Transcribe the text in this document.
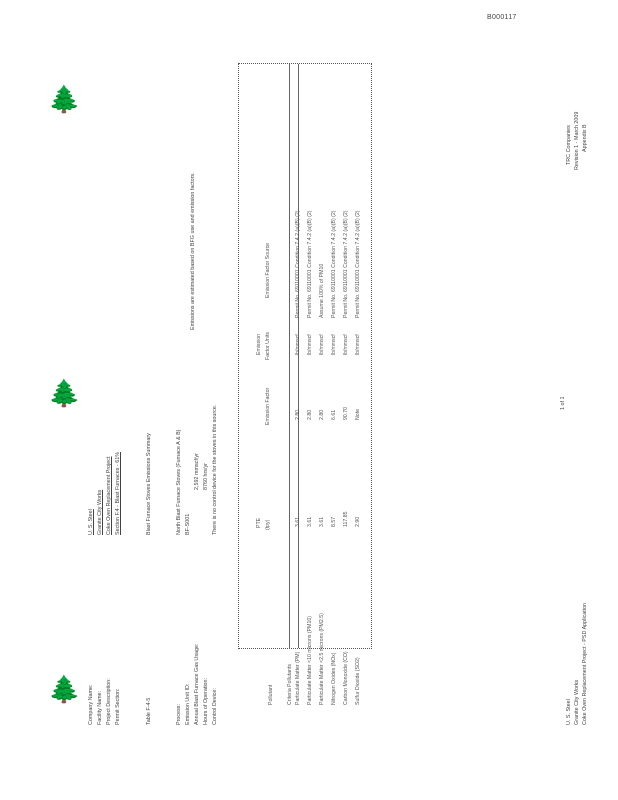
B000117
🌲
🌲
🌲 Company Name: Facility Name: Project Description: Permit Section:
U. S. Steel Granite City Works Coke Oven Replacement Project Section F.4 - Blast Furnaces - 61%
Table F-4-5
Blast Furnace Stoves Emissions Summary
Process: Emission Unit ID: Annual Blast Furnace Gas Usage: Hours of Operation: Control Device:
North Blast Furnace Stoves (Furnace A & B) BF-S001
2,592 mmscf/yr 8760 hrs/yr There is no control device for the stoves in this source.
Emissions are estimated based on BFG use and emission factors.
Pollutant
PTE (tpy)
Emission Factor
Emission Factor Units
Emission Factor Source
Criteria Pollutants Particulate Matter (PM)
3.61
2.80
lb/mmscf
Permit No. 69110001 Condition 7.4.2 (a)(B) (2)
Particulate Matter <10 microns (PM10)
3.61
2.80
lb/mmscf
Permit No. 69110001 Condition 7.4.2 (a)(B) (2)
Particulate Matter <2.5 microns (PM2.5)
3.61
2.80
lb/mmscf
Assume 100% of PM10
Nitrogen Oxides (NOx)
8.57
6.61
lb/mmscf
Permit No. 69110001 Condition 7.4.2 (a)(B) (2)
Carbon Monoxide (CO)
117.85
90.70
lb/mmscf
Permit No. 69110001 Condition 7.4.2 (a)(B) (2)
Sulfur Dioxide (SO2)
2.90
Note
lb/mmscf
Permit No. 69110001 Condition 7.4.2 (a)(B) (2)
1 of 1
U. S. Steel Granite City Works Coke Oven Replacement Project - PSD Application
TRC Companies Revision 1 - March 2009 Appendix B
